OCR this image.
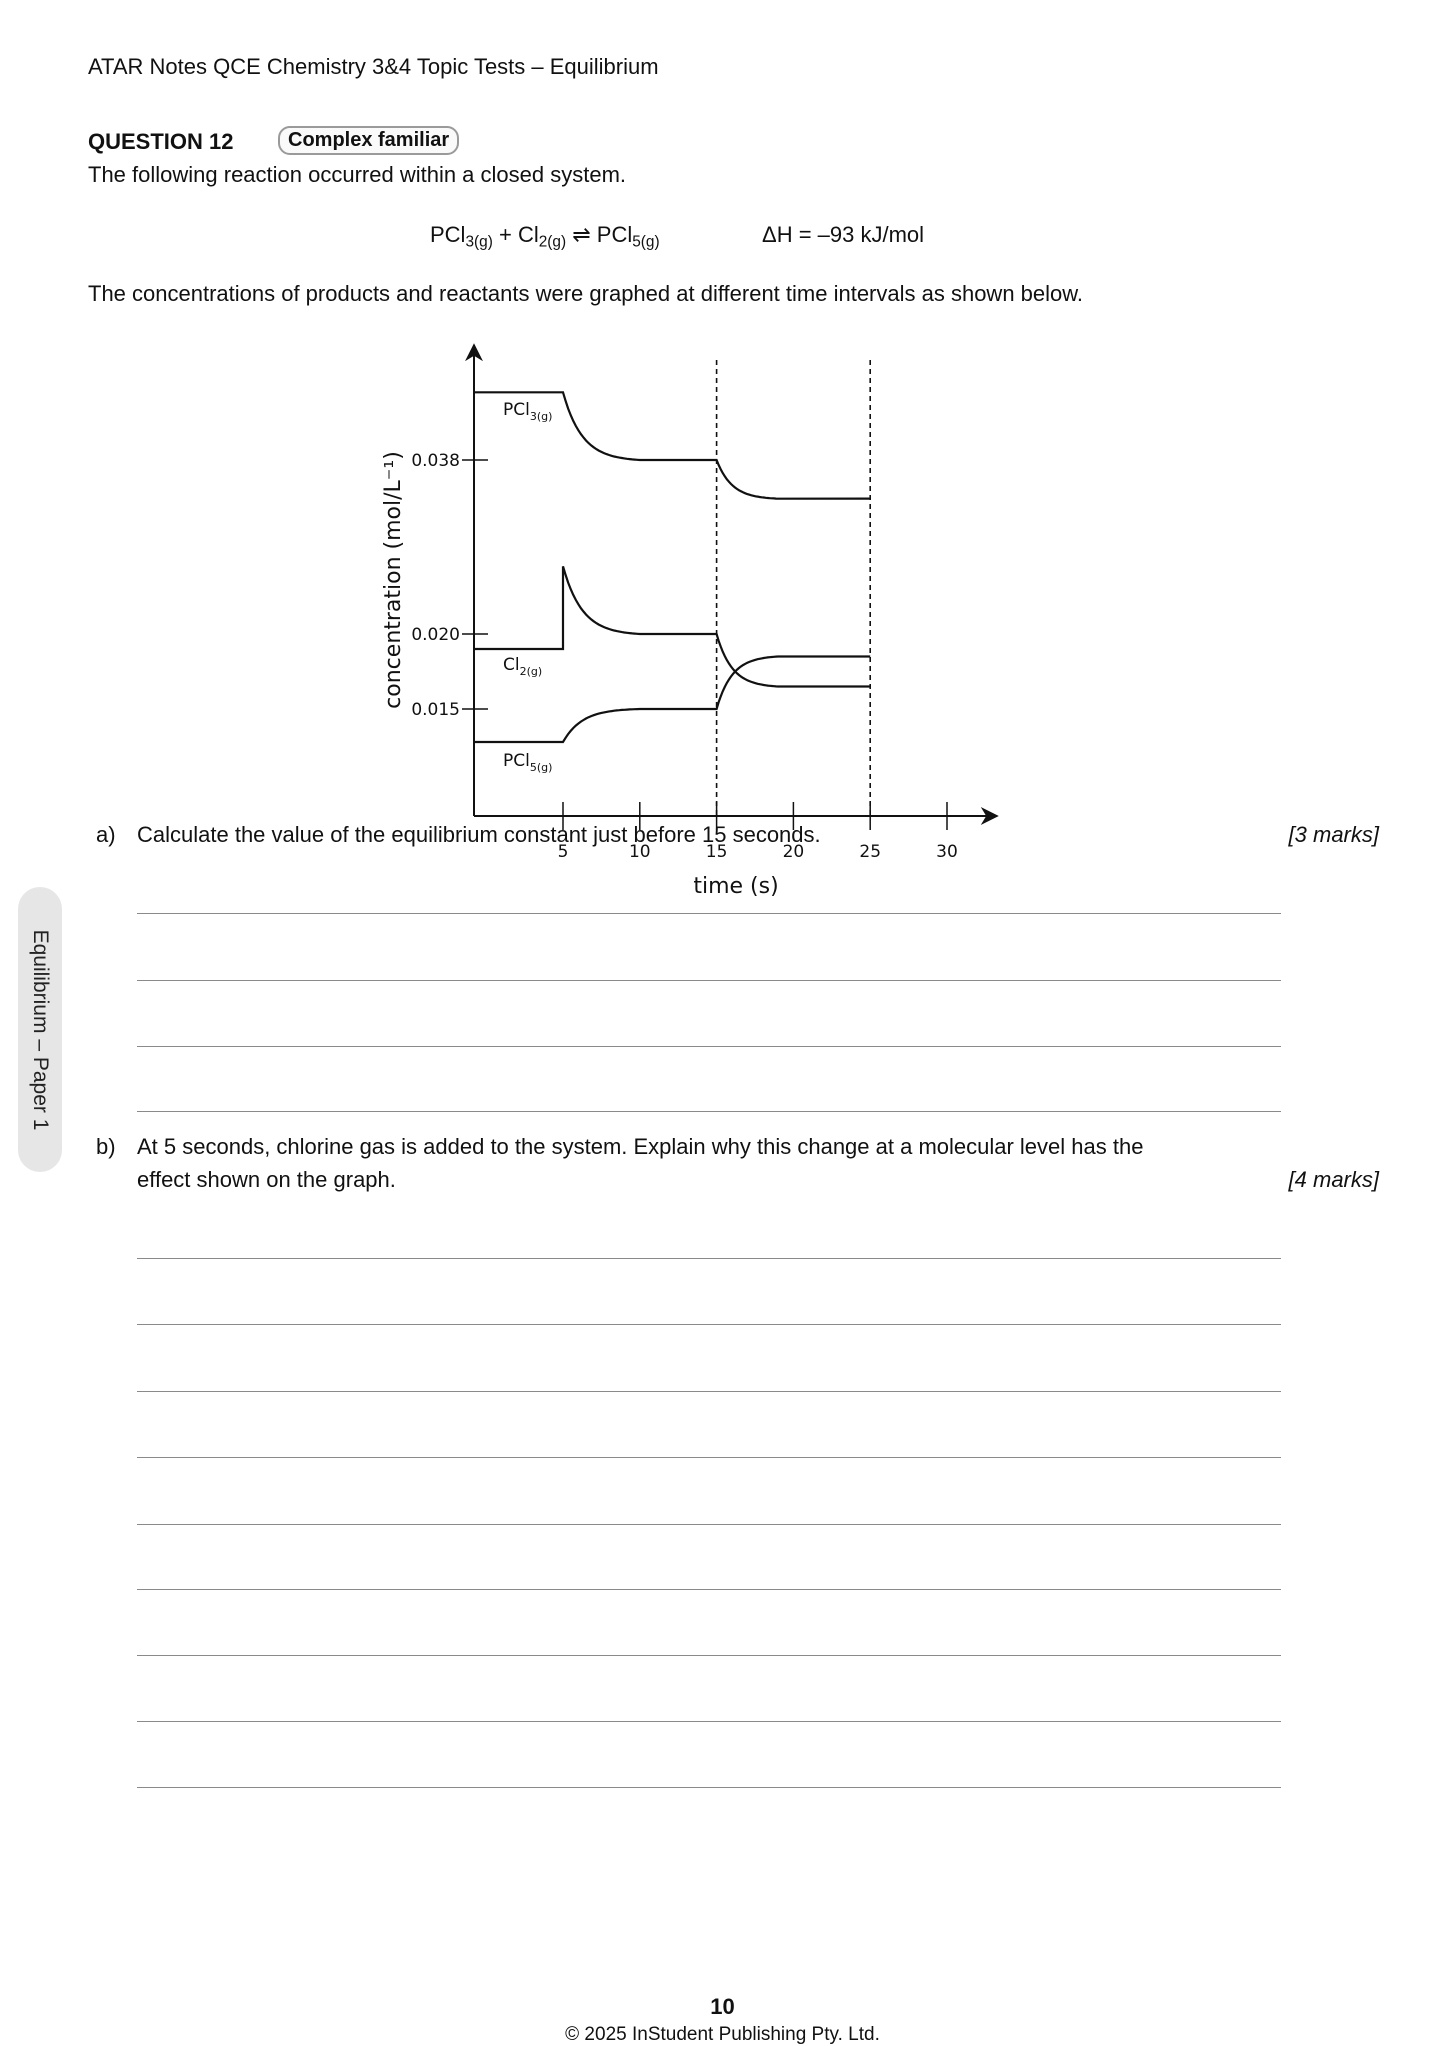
ATAR Notes QCE Chemistry 3&4 Topic Tests – Equilibrium
QUESTION 12	Complex familiar
The following reaction occurred within a closed system.
$PCl_{3(g)} + Cl_{2(g)}$ ⇌ PCl$_{5(g)}$	ΔH = –93 kJ/mol
The concentrations of products and reactants were graphed at different time intervals as shown below.
5	10	15	20	25	30
0.038
0.020
0.015
PCl$_{3(g)}$
$Cl_{2(g)}$
PCl$_{5(g)}$
concentration (mol/L⁻¹)
time (s)
a) Calculate the value of the equilibrium constant just before 15 seconds.	[3 marks]
b) At 5 seconds, chlorine gas is added to the system. Explain why this change at a molecular level has the
effect shown on the graph.	[4 marks]
Equilibrium – Paper 1
10
© 2025 InStudent Publishing Pty. Ltd.
